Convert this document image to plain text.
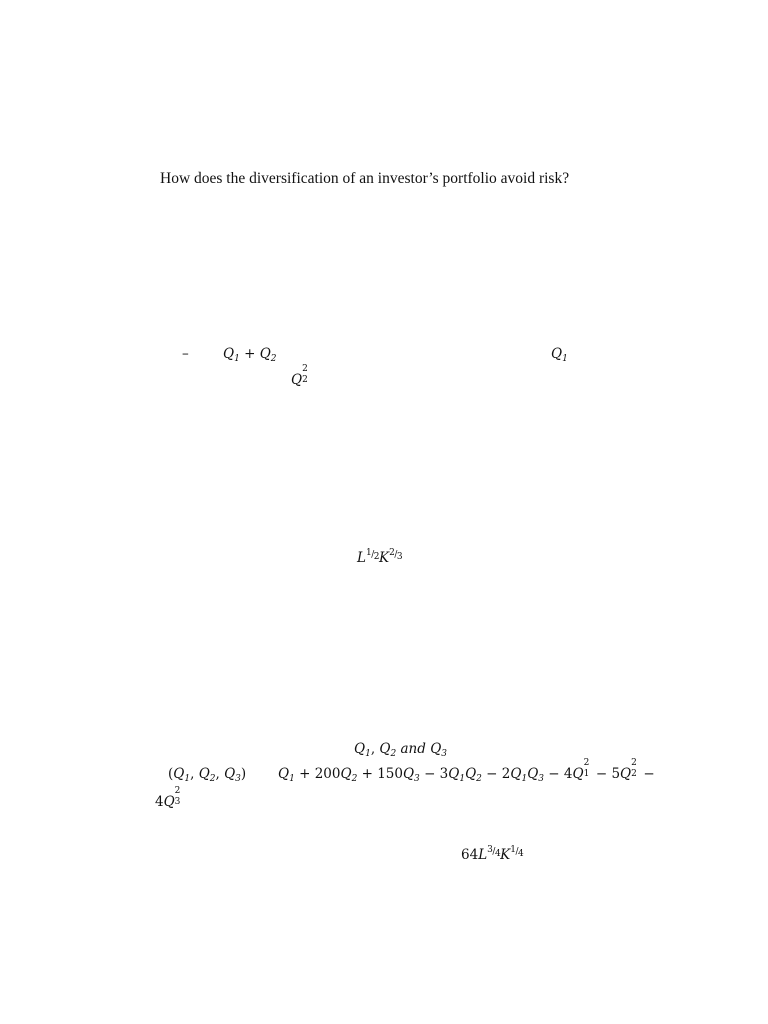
How does the diversification of an investor’s portfolio avoid risk?
–	$Q_1 + Q_2$	$Q_1$
Q
2
2
$L^{1/2}K^{2/3}$
$Q_1$, $Q_2$ and $Q_3$
($Q_1$, $Q_2$, $Q_3$) $Q_1 + 200Q_2 + 150Q_3 - 3Q_1Q_2 - 2Q_1Q_3 - 4Q$
2
1 − 5Q
2
2 −
4Q
2
3
$64L^{3/4}K^{1/4}$
